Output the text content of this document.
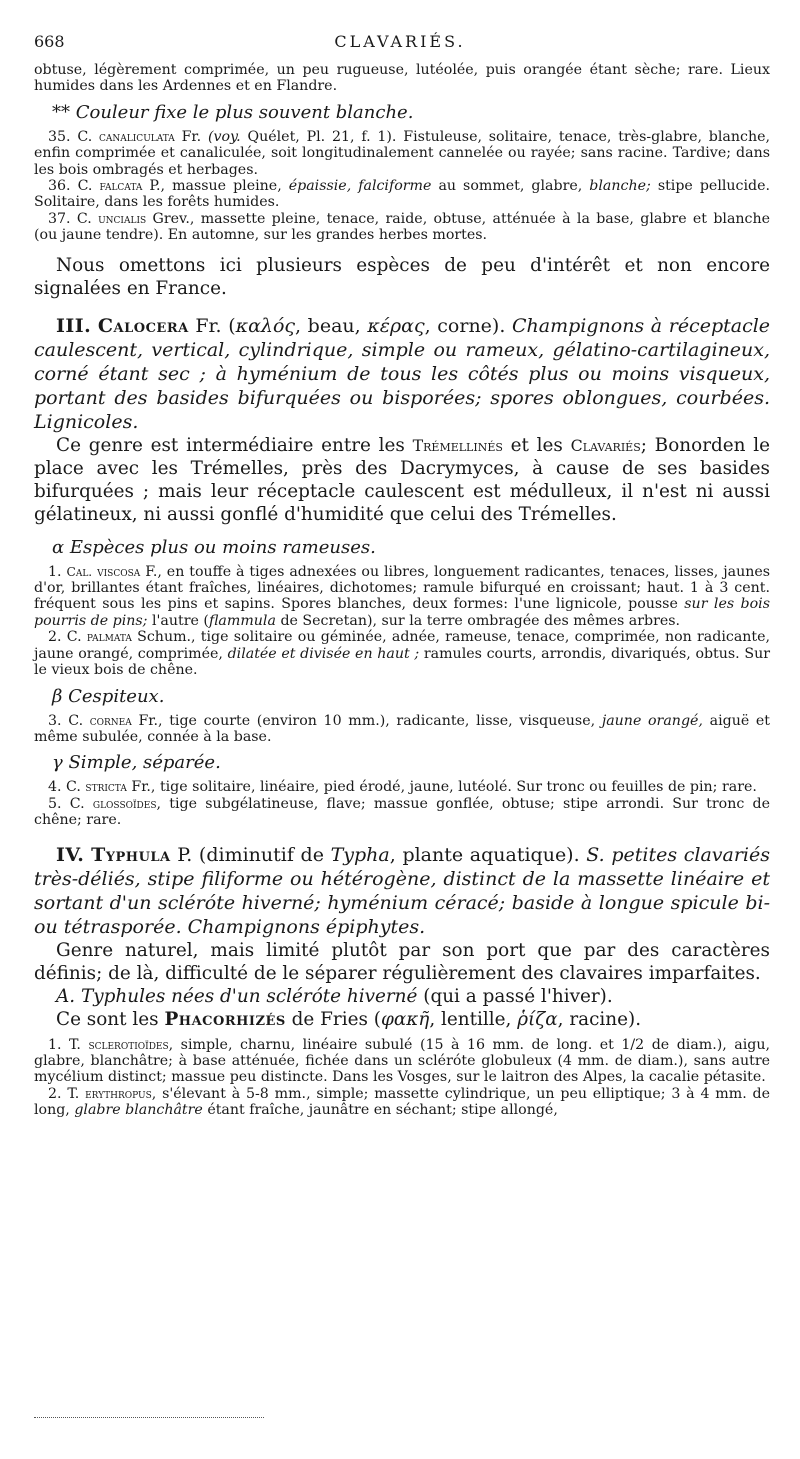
668	CLAVARIÉS.

obtuse, légèrement comprimée, un peu rugueuse, lutéolée, puis orangée étant sèche; rare. Lieux humides dans les Ardennes et en Flandre.

** Couleur fixe le plus souvent blanche.

35. C. canaliculata Fr. (voy. Quélet, Pl. 21, f. 1). Fistuleuse, solitaire, tenace, très-glabre, blanche, enfin comprimée et canaliculée, soit longitudinalement cannelée ou rayée; sans racine. Tardive; dans les bois ombragés et herbages.

36. C. falcata P., massue pleine, épaissie, falciforme au sommet, glabre, blanche; stipe pellucide. Solitaire, dans les forêts humides.

37. C. uncialis Grev., massette pleine, tenace, raide, obtuse, atténuée à la base, glabre et blanche (ou jaune tendre). En automne, sur les grandes herbes mortes.

Nous omettons ici plusieurs espèces de peu d'intérêt et non encore signalées en France.

III. Calocera Fr. (καλός, beau, κέρας, corne). Champignons à réceptacle caulescent, vertical, cylindrique, simple ou rameux, gélatino-cartilagineux, corné étant sec ; à hyménium de tous les côtés plus ou moins visqueux, portant des basides bifurquées ou bisporées; spores oblongues, courbées. Lignicoles.

Ce genre est intermédiaire entre les Trémellinés et les Clavariés; Bonorden le place avec les Trémelles, près des Dacrymyces, à cause de ses basides bifurquées ; mais leur réceptacle caulescent est médulleux, il n'est ni aussi gélatineux, ni aussi gonflé d'humidité que celui des Trémelles.

α Espèces plus ou moins rameuses.

1. Cal. viscosa F., en touffe à tiges adnexées ou libres, longuement radicantes, tenaces, lisses, jaunes d'or, brillantes étant fraîches, linéaires, dichotomes; ramule bifurqué en croissant; haut. 1 à 3 cent. fréquent sous les pins et sapins. Spores blanches, deux formes: l'une lignicole, pousse sur les bois pourris de pins; l'autre (flammula de Secretan), sur la terre ombragée des mêmes arbres.

2. C. palmata Schum., tige solitaire ou géminée, adnée, rameuse, tenace, comprimée, non radicante, jaune orangé, comprimée, dilatée et divisée en haut ; ramules courts, arrondis, divariqués, obtus. Sur le vieux bois de chêne.

β Cespiteux.

3. C. cornea Fr., tige courte (environ 10 mm.), radicante, lisse, visqueuse, jaune orangé, aiguë et même subulée, connée à la base.

γ Simple, séparée.

4. C. stricta Fr., tige solitaire, linéaire, pied érodé, jaune, lutéolé. Sur tronc ou feuilles de pin; rare.

5. C. glossoïdes, tige subgélatineuse, flave; massue gonflée, obtuse; stipe arrondi. Sur tronc de chêne; rare.

IV. Typhula P. (diminutif de Typha, plante aquatique). S. petites clavariés très-déliés, stipe filiforme ou hétérogène, distinct de la massette linéaire et sortant d'un scléróte hiverné; hyménium céracé; baside à longue spicule bi- ou tétrasporée. Champignons épiphytes.

Genre naturel, mais limité plutôt par son port que par des caractères définis; de là, difficulté de le séparer régulièrement des clavaires imparfaites.

A. Typhules nées d'un scléróte hiverné (qui a passé l'hiver).

Ce sont les Phacorhizés de Fries (φακῆ, lentille, ῥίζα, racine).

1. T. sclerotioïdes, simple, charnu, linéaire subulé (15 à 16 mm. de long. et 1/2 de diam.), aigu, glabre, blanchâtre; à base atténuée, fichée dans un scléróte globuleux (4 mm. de diam.), sans autre mycélium distinct; massue peu distincte. Dans les Vosges, sur le laitron des Alpes, la cacalie pétasite.

2. T. erythropus, s'élevant à 5-8 mm., simple; massette cylindrique, un peu elliptique; 3 à 4 mm. de long, glabre blanchâtre étant fraîche, jaunâtre en séchant; stipe allongé,
